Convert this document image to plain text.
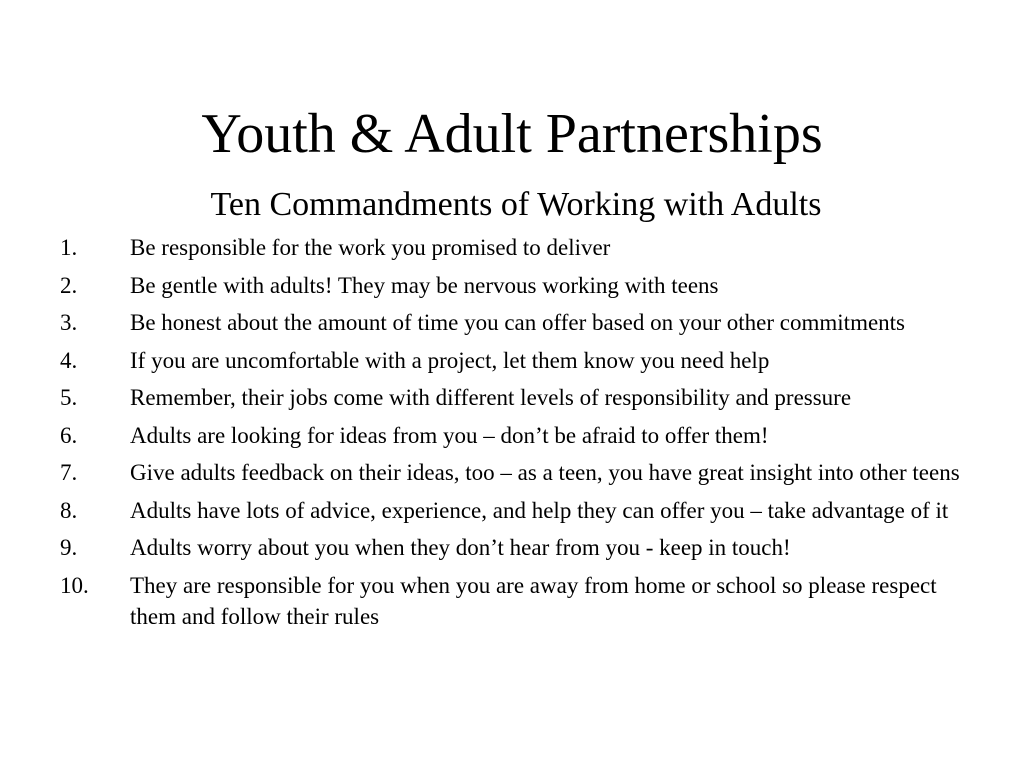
Youth & Adult Partnerships
Ten Commandments of Working with Adults
1.	Be responsible for the work you promised to deliver
2.	Be gentle with adults! They may be nervous working with teens
3.	Be honest about the amount of time you can offer based on your other commitments
4.	If you are uncomfortable with a project, let them know you need help
5.	Remember, their jobs come with different levels of responsibility and pressure
6.	Adults are looking for ideas from you – don’t be afraid to offer them!
7.	Give adults feedback on their ideas, too – as a teen, you have great insight into other teens
8.	Adults have lots of advice, experience, and help they can offer you – take advantage of it
9.	Adults worry about you when they don’t hear from you - keep in touch!
10.	They are responsible for you when you are away from home or school so please respect them and follow their rules
